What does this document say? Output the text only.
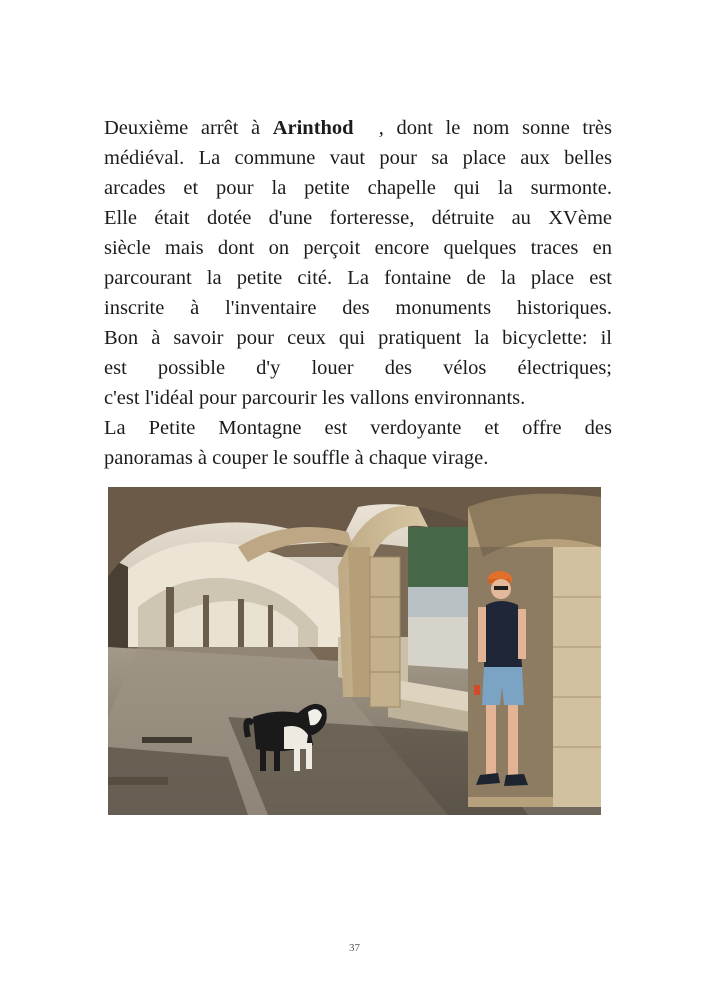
Deuxième arrêt à Arinthod  , dont le nom sonne très
médiéval. La commune vaut pour sa place aux belles
arcades et pour la petite chapelle qui la surmonte.
Elle était dotée d'une forteresse, détruite au XVème
siècle mais dont on perçoit encore quelques traces en
parcourant la petite cité. La fontaine de la place est
inscrite à l'inventaire des monuments historiques.
Bon à savoir pour ceux qui pratiquent la bicyclette: il
est possible d'y louer des vélos électriques;
c'est l'idéal pour parcourir les vallons environnants.
La Petite Montagne est verdoyante et offre des
panoramas à couper le souffle à chaque virage.
37
